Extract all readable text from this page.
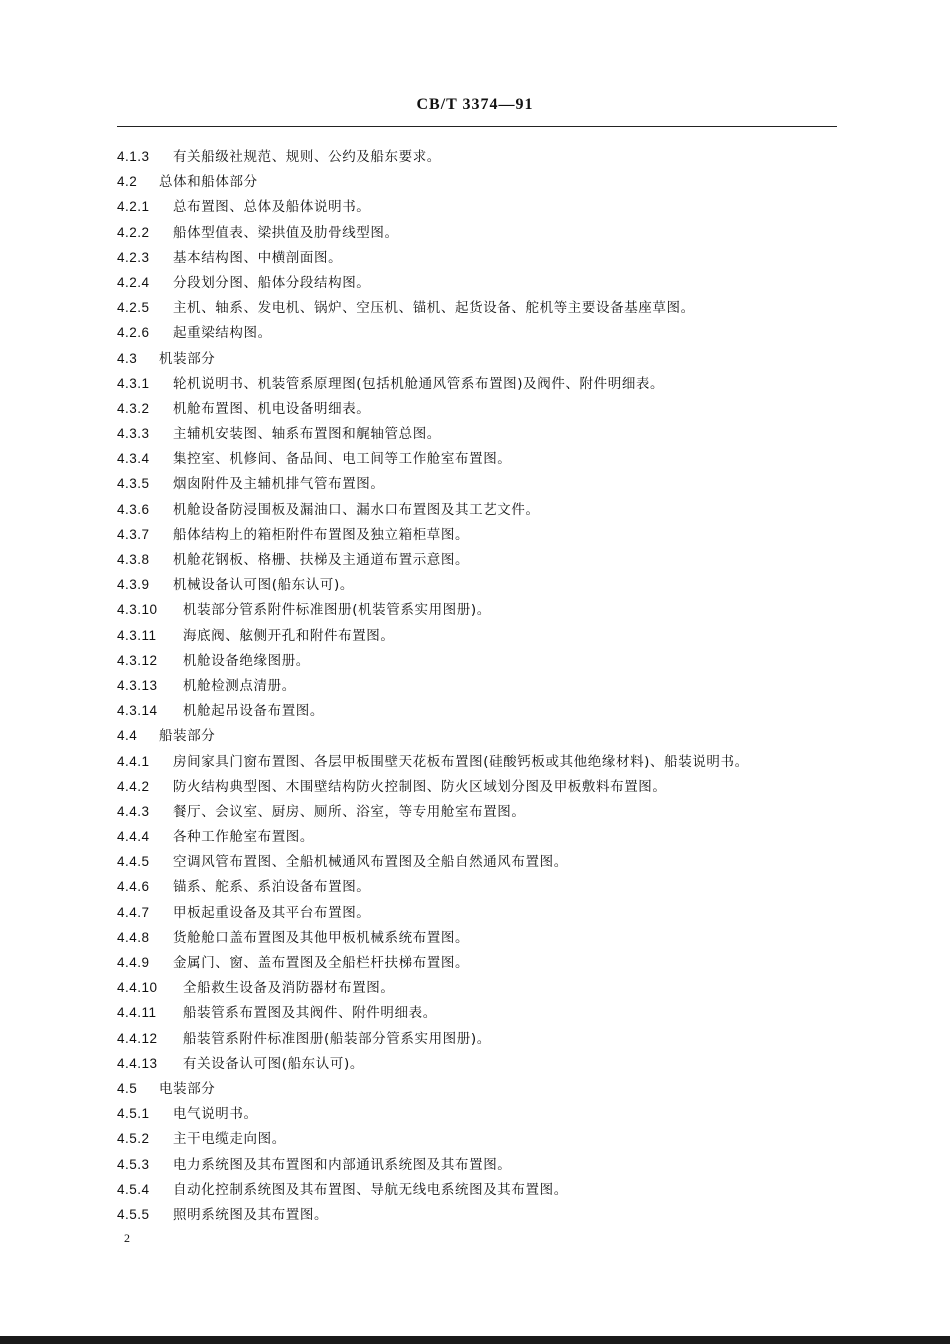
CB/T 3374—91
4.1.3 有关船级社规范、规则、公约及船东要求。
4.2 总体和船体部分
4.2.1 总布置图、总体及船体说明书。
4.2.2 船体型值表、梁拱值及肋骨线型图。
4.2.3 基本结构图、中横剖面图。
4.2.4 分段划分图、船体分段结构图。
4.2.5 主机、轴系、发电机、锅炉、空压机、锚机、起货设备、舵机等主要设备基座草图。
4.2.6 起重梁结构图。
4.3 机装部分
4.3.1 轮机说明书、机装管系原理图(包括机舱通风管系布置图)及阀件、附件明细表。
4.3.2 机舱布置图、机电设备明细表。
4.3.3 主辅机安装图、轴系布置图和艉轴管总图。
4.3.4 集控室、机修间、备品间、电工间等工作舱室布置图。
4.3.5 烟囱附件及主辅机排气管布置图。
4.3.6 机舱设备防浸围板及漏油口、漏水口布置图及其工艺文件。
4.3.7 船体结构上的箱柜附件布置图及独立箱柜草图。
4.3.8 机舱花钢板、格栅、扶梯及主通道布置示意图。
4.3.9 机械设备认可图(船东认可)。
4.3.10 机装部分管系附件标准图册(机装管系实用图册)。
4.3.11 海底阀、舷侧开孔和附件布置图。
4.3.12 机舱设备绝缘图册。
4.3.13 机舱检测点清册。
4.3.14 机舱起吊设备布置图。
4.4 船装部分
4.4.1 房间家具门窗布置图、各层甲板围壁天花板布置图(硅酸钙板或其他绝缘材料)、船装说明书。
4.4.2 防火结构典型图、木围壁结构防火控制图、防火区域划分图及甲板敷料布置图。
4.4.3 餐厅、会议室、厨房、厕所、浴室，等专用舱室布置图。
4.4.4 各种工作舱室布置图。
4.4.5 空调风管布置图、全船机械通风布置图及全船自然通风布置图。
4.4.6 锚系、舵系、系泊设备布置图。
4.4.7 甲板起重设备及其平台布置图。
4.4.8 货舱舱口盖布置图及其他甲板机械系统布置图。
4.4.9 金属门、窗、盖布置图及全船栏杆扶梯布置图。
4.4.10 全船救生设备及消防器材布置图。
4.4.11 船装管系布置图及其阀件、附件明细表。
4.4.12 船装管系附件标准图册(船装部分管系实用图册)。
4.4.13 有关设备认可图(船东认可)。
4.5 电装部分
4.5.1 电气说明书。
4.5.2 主干电缆走向图。
4.5.3 电力系统图及其布置图和内部通讯系统图及其布置图。
4.5.4 自动化控制系统图及其布置图、导航无线电系统图及其布置图。
4.5.5 照明系统图及其布置图。
2
